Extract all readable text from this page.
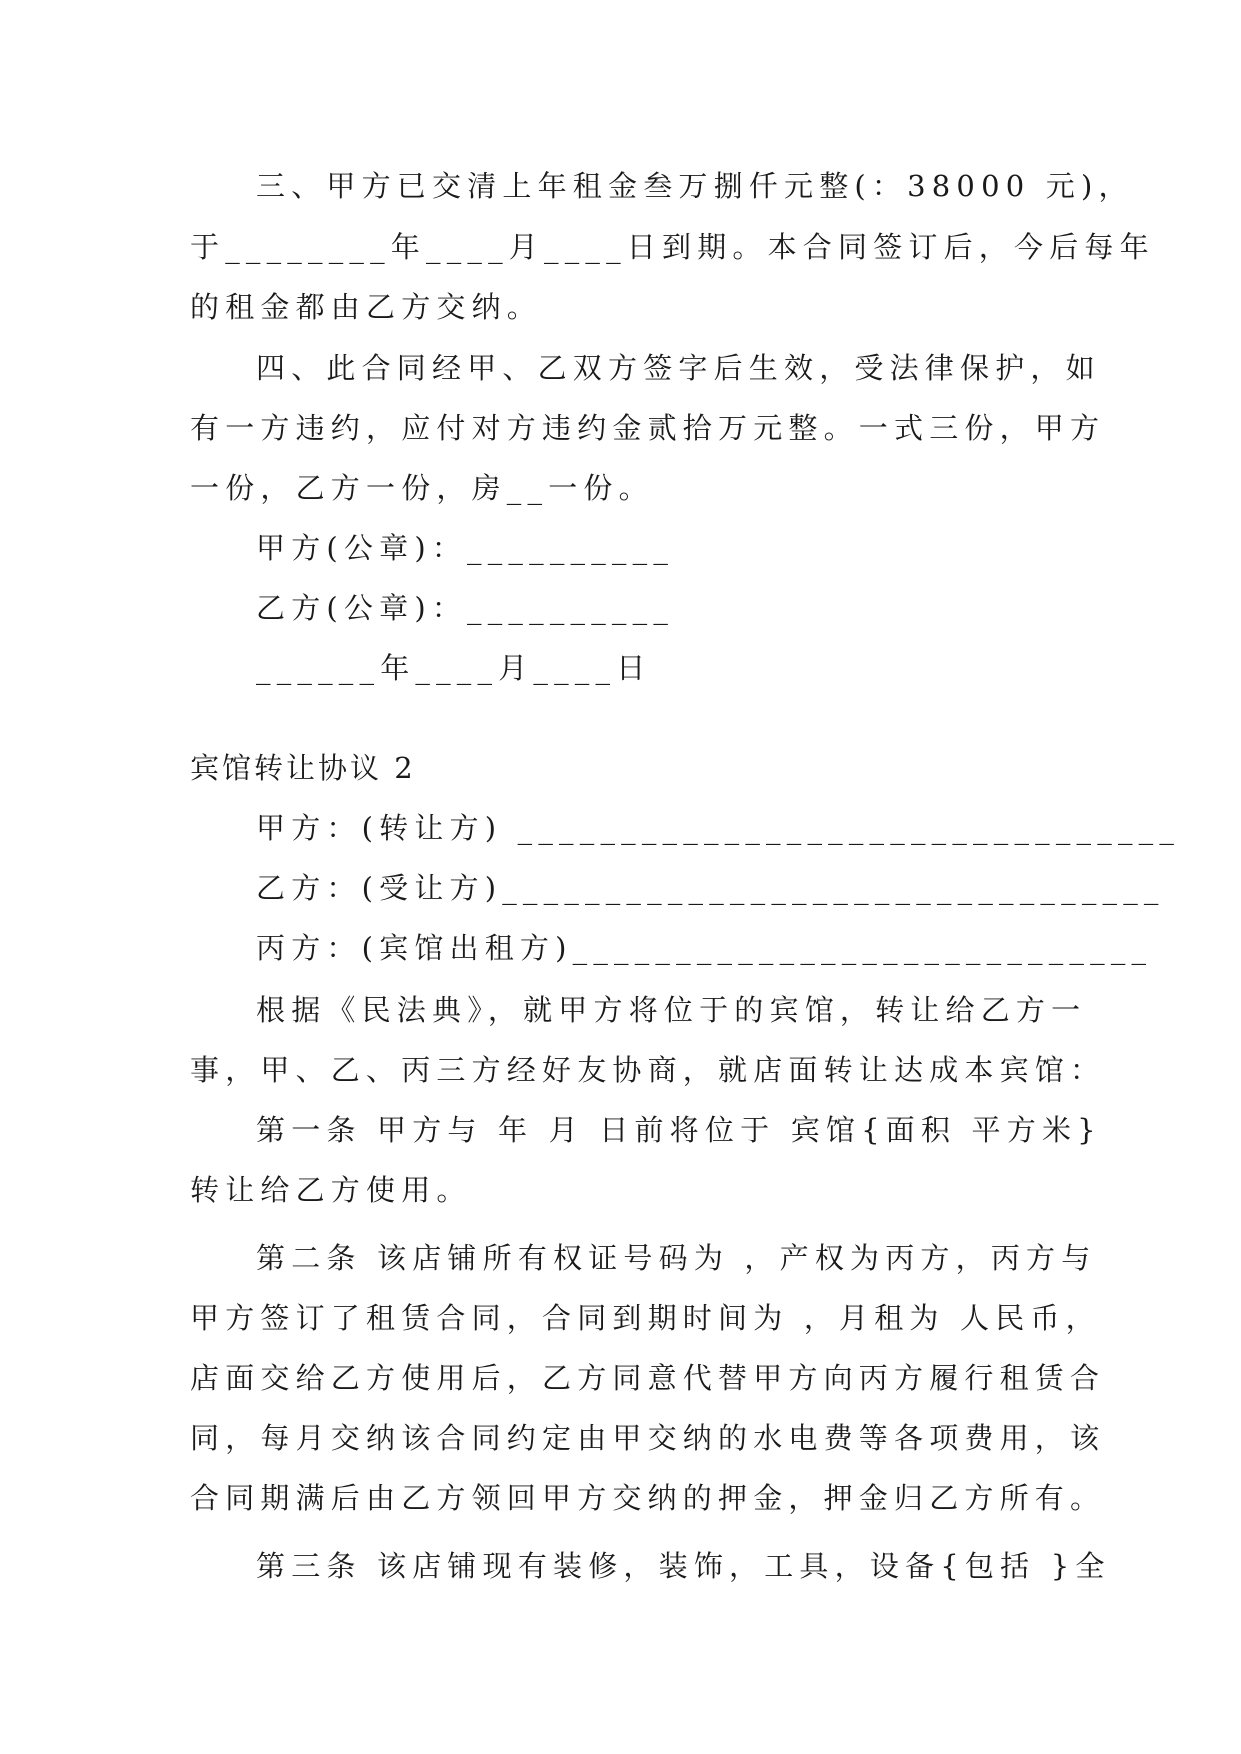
三、甲方已交清上年租金叁万捌仟元整(：38000 元)，
于________年____月____日到期。本合同签订后，今后每年
的租金都由乙方交纳。
四、此合同经甲、乙双方签字后生效，受法律保护，如
有一方违约，应付对方违约金贰拾万元整。一式三份，甲方
一份，乙方一份，房__一份。
甲方(公章)：__________
乙方(公章)：__________
______年____月____日
宾馆转让协议 2
甲方：(转让方) ________________________________
乙方：(受让方)________________________________
丙方：(宾馆出租方)____________________________
根据《民法典》，就甲方将位于的宾馆，转让给乙方一
事，甲、乙、丙三方经好友协商，就店面转让达成本宾馆：
第一条 甲方与 年 月 日前将位于 宾馆{面积 平方米}
转让给乙方使用。
第二条 该店铺所有权证号码为 ，产权为丙方，丙方与
甲方签订了租赁合同，合同到期时间为 ，月租为 人民币，
店面交给乙方使用后，乙方同意代替甲方向丙方履行租赁合
同，每月交纳该合同约定由甲交纳的水电费等各项费用，该
合同期满后由乙方领回甲方交纳的押金，押金归乙方所有。
第三条 该店铺现有装修，装饰，工具，设备{包括 }全
